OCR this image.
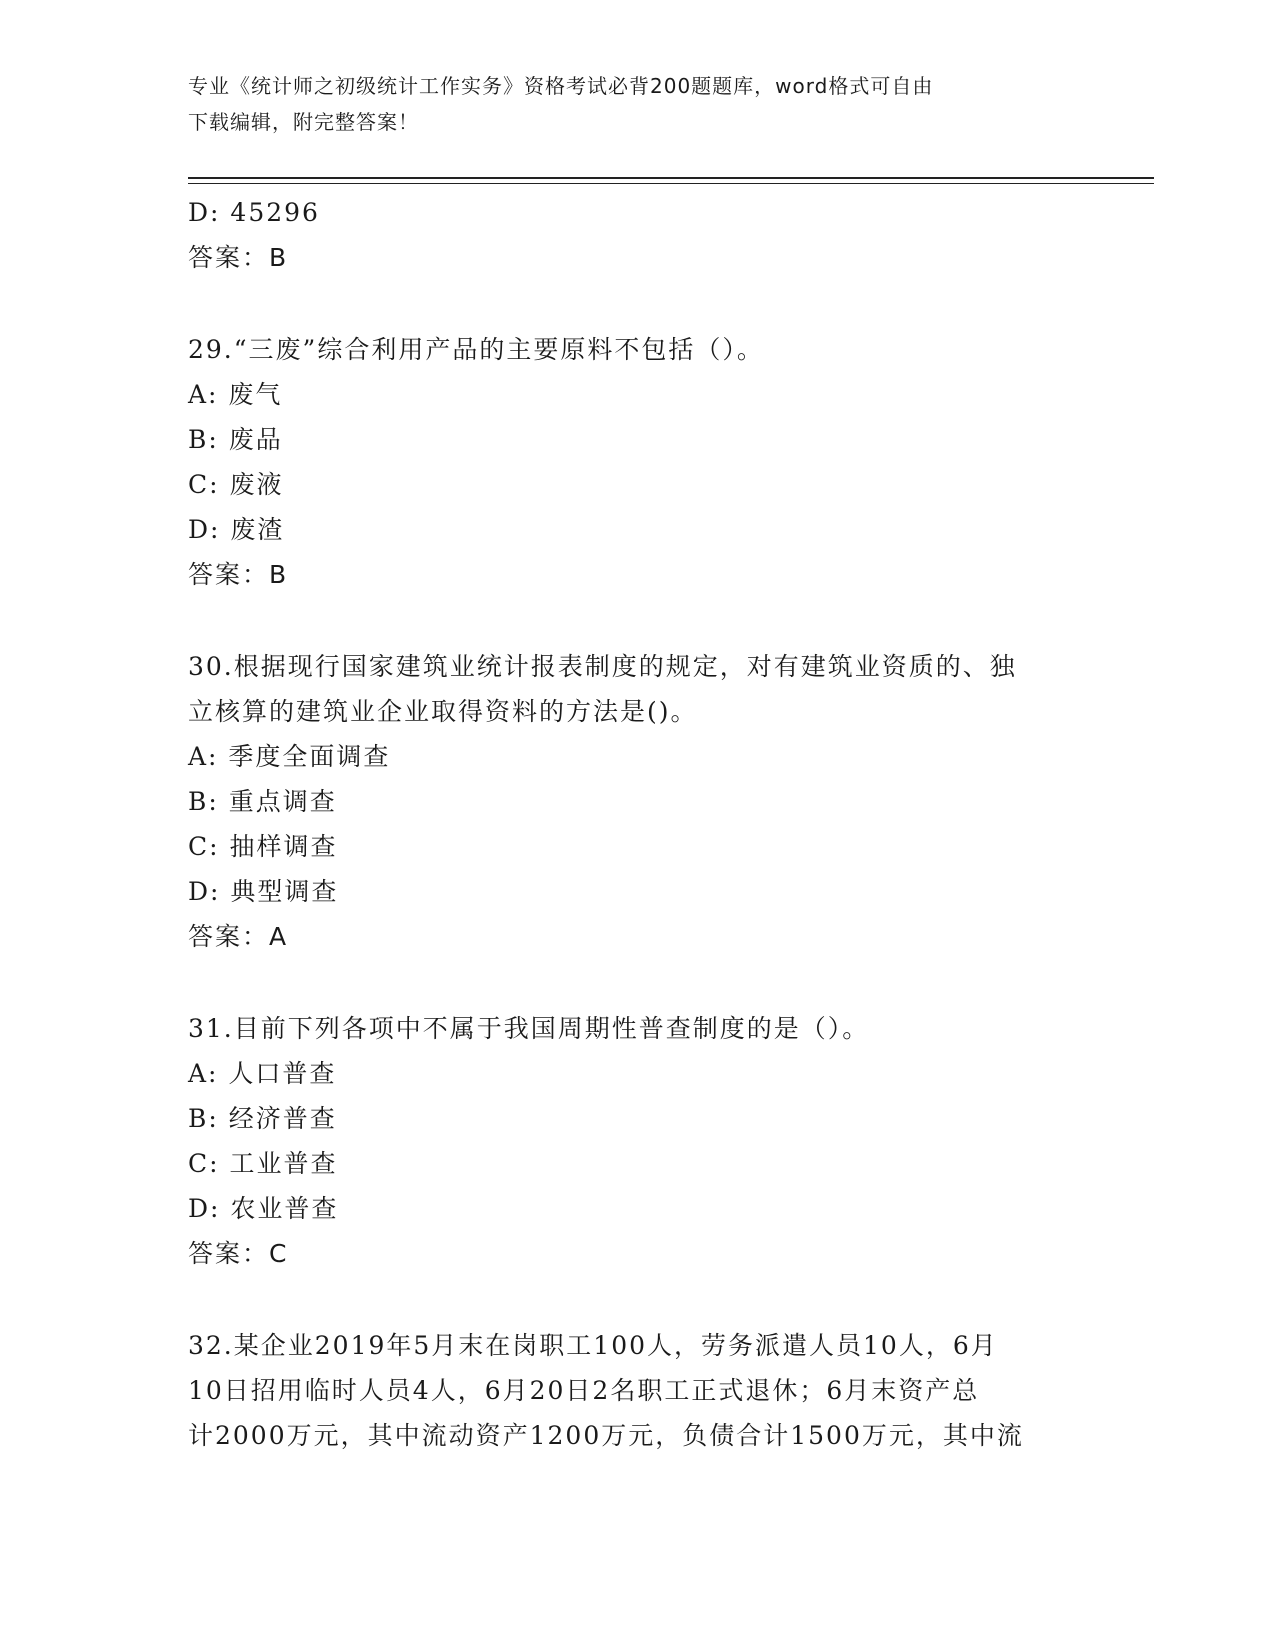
专业《统计师之初级统计工作实务》资格考试必背200题题库，word格式可自由
下载编辑，附完整答案！
D: 45296
答案：B
29.“三废”综合利用产品的主要原料不包括（）。
A: 废气
B: 废品
C: 废液
D: 废渣
答案：B
30.根据现行国家建筑业统计报表制度的规定，对有建筑业资质的、独
立核算的建筑业企业取得资料的方法是()。
A: 季度全面调查
B: 重点调查
C: 抽样调查
D: 典型调查
答案：A
31.目前下列各项中不属于我国周期性普查制度的是（）。
A: 人口普查
B: 经济普查
C: 工业普查
D: 农业普查
答案：C
32.某企业2019年5月末在岗职工100人，劳务派遣人员10人，6月
10日招用临时人员4人，6月20日2名职工正式退休；6月末资产总
计2000万元，其中流动资产1200万元，负债合计1500万元，其中流
